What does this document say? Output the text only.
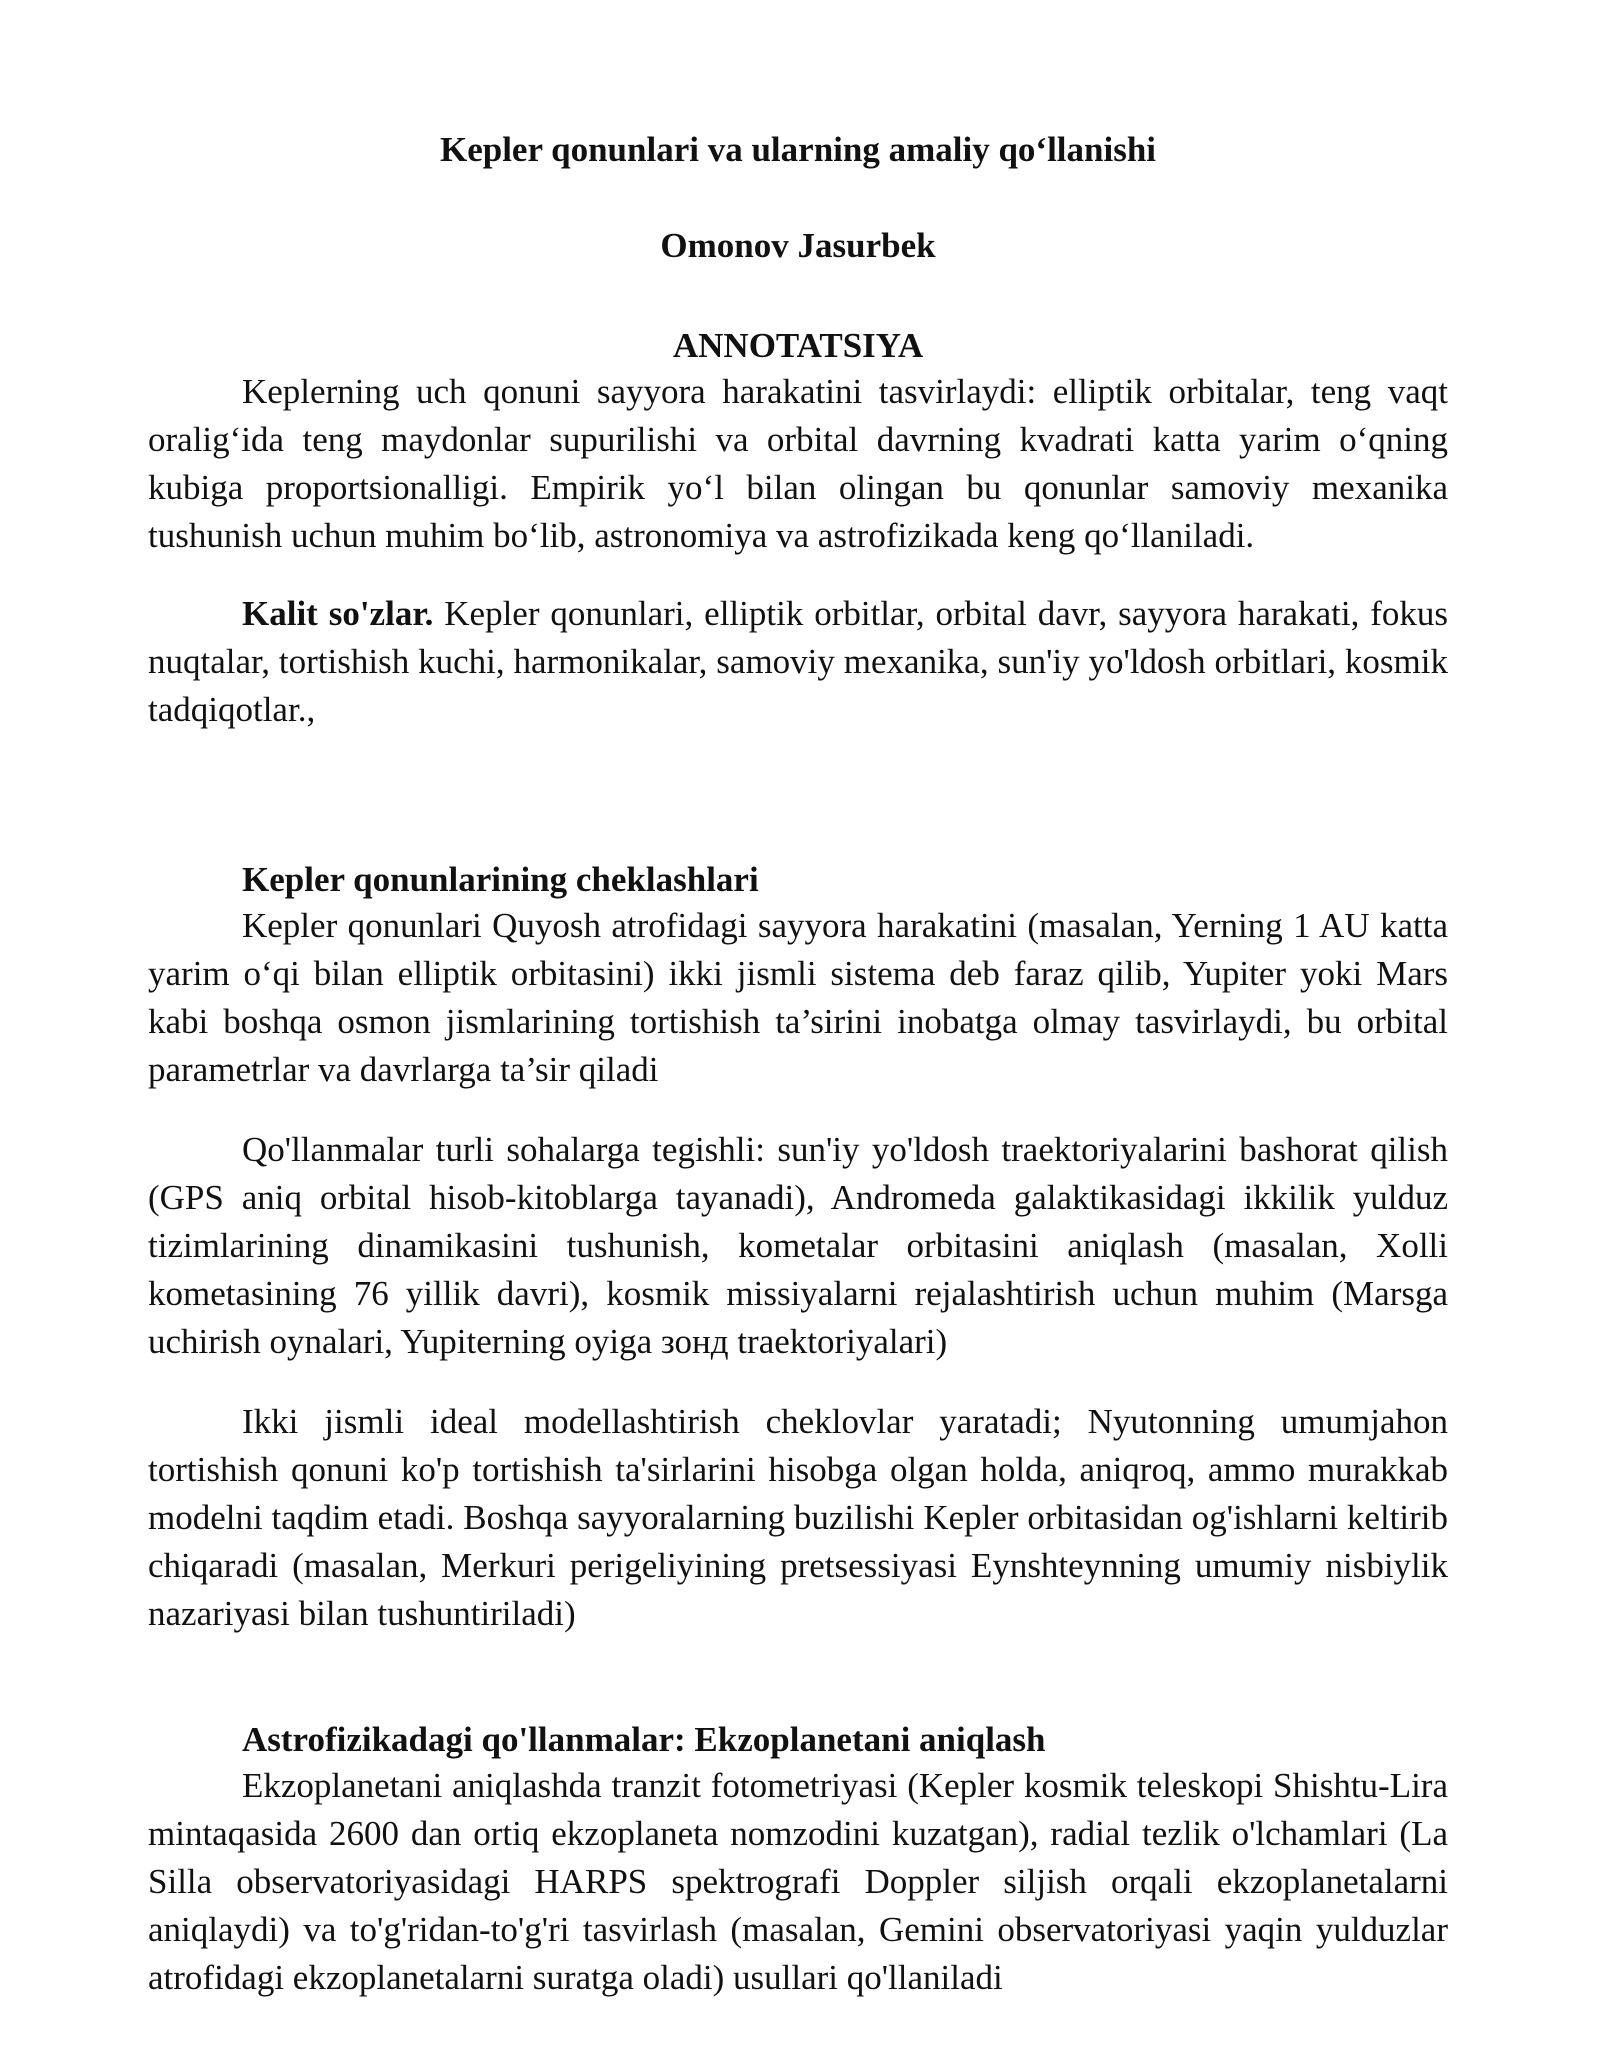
Kepler qonunlari va ularning amaliy qo‘llanishi
Omonov Jasurbek
ANNOTATSIYA

Keplerning uch qonuni sayyora harakatini tasvirlaydi: elliptik orbitalar, teng vaqt oralig‘ida teng maydonlar supurilishi va orbital davrning kvadrati katta yarim o‘qning kubiga proportsionalligi. Empirik yo‘l bilan olingan bu qonunlar samoviy mexanika tushunish uchun muhim bo‘lib, astronomiya va astrofizikada keng qo‘llaniladi.

Kalit so'zlar. Kepler qonunlari, elliptik orbitlar, orbital davr, sayyora harakati, fokus nuqtalar, tortishish kuchi, harmonikalar, samoviy mexanika, sun'iy yo'ldosh orbitlari, kosmik tadqiqotlar.,

Kepler qonunlarining cheklashlari

Kepler qonunlari Quyosh atrofidagi sayyora harakatini (masalan, Yerning 1 AU katta yarim o‘qi bilan elliptik orbitasini) ikki jismli sistema deb faraz qilib, Yupiter yoki Mars kabi boshqa osmon jismlarining tortishish ta’sirini inobatga olmay tasvirlaydi, bu orbital parametrlar va davrlarga ta’sir qiladi

Qo'llanmalar turli sohalarga tegishli: sun'iy yo'ldosh traektoriyalarini bashorat qilish (GPS aniq orbital hisob-kitoblarga tayanadi), Andromeda galaktikasidagi ikkilik yulduz tizimlarining dinamikasini tushunish, kometalar orbitasini aniqlash (masalan, Xolli kometasining 76 yillik davri), kosmik missiyalarni rejalashtirish uchun muhim (Marsga uchirish oynalari, Yupiterning oyiga зонд traektoriyalari)

Ikki jismli ideal modellashtirish cheklovlar yaratadi; Nyutonning umumjahon tortishish qonuni ko'p tortishish ta'sirlarini hisobga olgan holda, aniqroq, ammo murakkab modelni taqdim etadi. Boshqa sayyoralarning buzilishi Kepler orbitasidan og'ishlarni keltirib chiqaradi (masalan, Merkuri perigeliyining pretsessiyasi Eynshteynning umumiy nisbiylik nazariyasi bilan tushuntiriladi)

Astrofizikadagi qo'llanmalar: Ekzoplanetani aniqlash

Ekzoplanetani aniqlashda tranzit fotometriyasi (Kepler kosmik teleskopi Shishtu-Lira mintaqasida 2600 dan ortiq ekzoplaneta nomzodini kuzatgan), radial tezlik o'lchamlari (La Silla observatoriyasidagi HARPS spektrografi Doppler siljish orqali ekzoplanetalarni aniqlaydi) va to'g'ridan-to'g'ri tasvirlash (masalan, Gemini observatoriyasi yaqin yulduzlar atrofidagi ekzoplanetalarni suratga oladi) usullari qo'llaniladi
